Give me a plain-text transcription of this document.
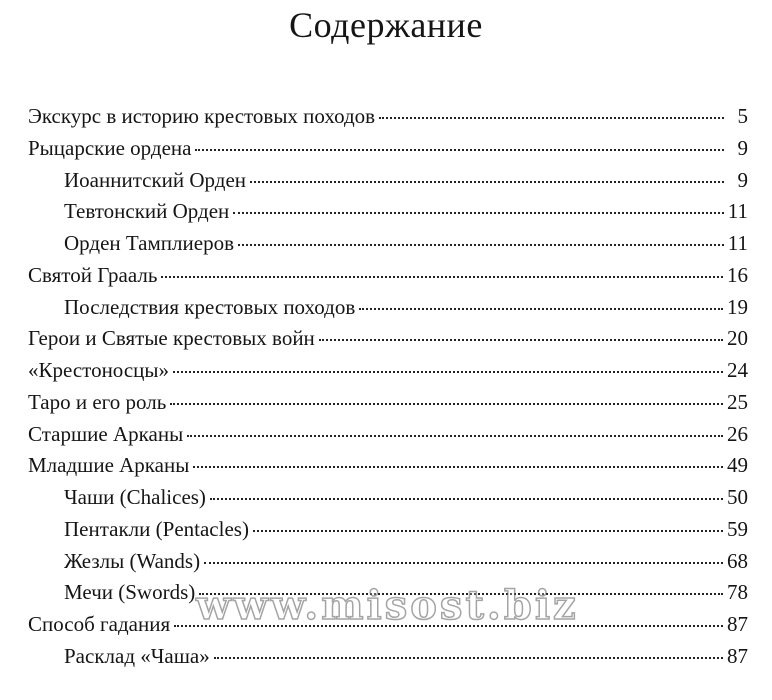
Содержание
Экскурс в историю крестовых походов	5
Рыцарские ордена	9
Иоаннитский Орден	9
Тевтонский Орден	11
Орден Тамплиеров	11
Святой Грааль	16
Последствия крестовых походов	19
Герои и Святые крестовых войн	20
«Крестоносцы»	24
Таро и его роль	25
Старшие Арканы	26
Младшие Арканы	49
Чаши (Chalices)	50
Пентакли (Pentacles)	59
Жезлы (Wands)	68
Мечи (Swords)	78
Способ гадания	87
Расклад «Чаша»	87
www.misost.biz
